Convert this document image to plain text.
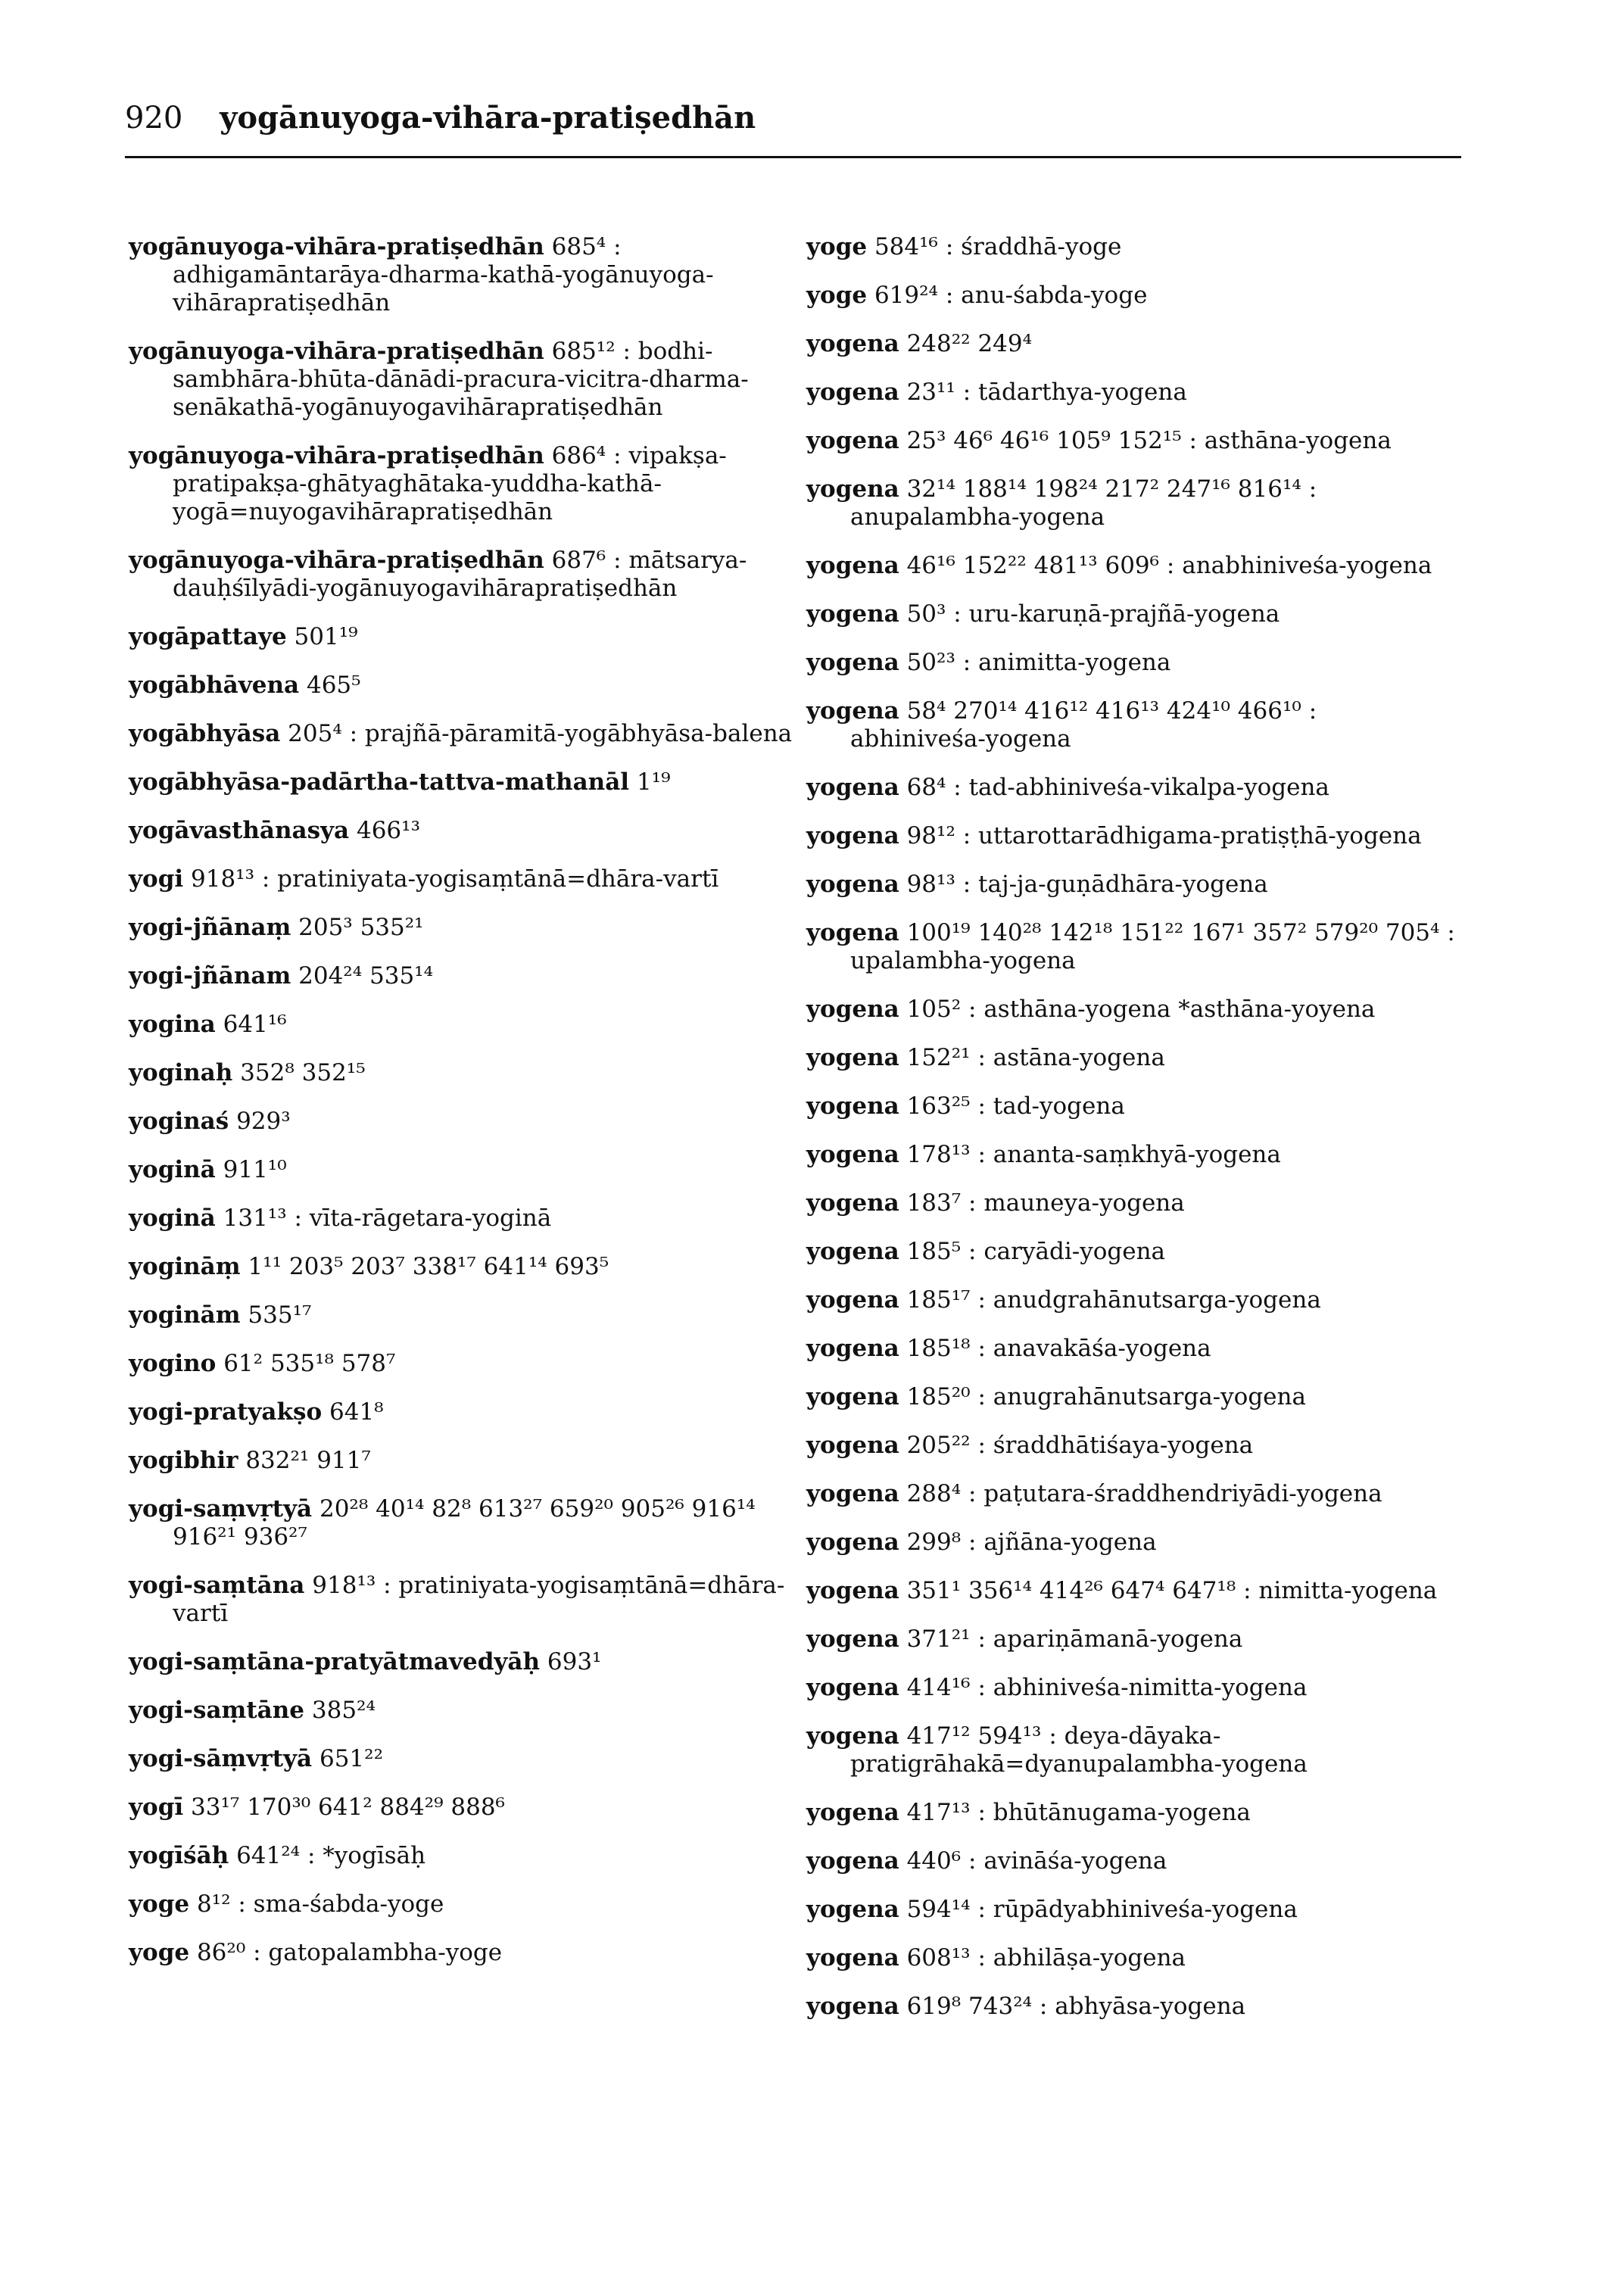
920 yogānuyoga-vihāra-pratiṣedhān
yogānuyoga-vihāra-pratiṣedhān 685⁴ : adhigamāntarāya-dharma-kathā-yogānuyoga-vihārapratiṣedhān
yogānuyoga-vihāra-pratiṣedhān 685¹² : bodhi-sambhāra-bhūta-dānādi-pracura-vicitra-dharma-senākathā-yogānuyogavihārapratiṣedhān
yogānuyoga-vihāra-pratiṣedhān 686⁴ : vipakṣa-pratipakṣa-ghātyaghātaka-yuddha-kathā-yogā=nuyogavihārapratiṣedhān
yogānuyoga-vihāra-pratiṣedhān 687⁶ : mātsarya-dauḥśīlyādi-yogānuyogavihārapratiṣedhān
yogāpattaye 501¹⁹
yogābhāvena 465⁵
yogābhyāsa 205⁴ : prajñā-pāramitā-yogābhyāsa-balena
yogābhyāsa-padārtha-tattva-mathanāl 1¹⁹
yogāvasthānasya 466¹³
yogi 918¹³ : pratiniyata-yogisaṃtānā=dhāra-vartī
yogi-jñānaṃ 205³ 535²¹
yogi-jñānam 204²⁴ 535¹⁴
yogina 641¹⁶
yoginaḥ 352⁸ 352¹⁵
yoginaś 929³
yoginā 911¹⁰
yoginā 131¹³ : vīta-rāgetara-yoginā
yogināṃ 1¹¹ 203⁵ 203⁷ 338¹⁷ 641¹⁴ 693⁵
yoginām 535¹⁷
yogino 61² 535¹⁸ 578⁷
yogi-pratyakṣo 641⁸
yogibhir 832²¹ 911⁷
yogi-saṃvṛtyā 20²⁸ 40¹⁴ 82⁸ 613²⁷ 659²⁰ 905²⁶ 916¹⁴ 916²¹ 936²⁷
yogi-saṃtāna 918¹³ : pratiniyata-yogisaṃtānā=dhāra-vartī
yogi-saṃtāna-pratyātmavedyāḥ 693¹
yogi-saṃtāne 385²⁴
yogi-sāṃvṛtyā 651²²
yogī 33¹⁷ 170³⁰ 641² 884²⁹ 888⁶
yogīśāḥ 641²⁴ : *yogīsāḥ
yoge 8¹² : sma-śabda-yoge
yoge 86²⁰ : gatopalambha-yoge
yoge 584¹⁶ : śraddhā-yoge
yoge 619²⁴ : anu-śabda-yoge
yogena 248²² 249⁴
yogena 23¹¹ : tādarthya-yogena
yogena 25³ 46⁶ 46¹⁶ 105⁹ 152¹⁵ : asthāna-yogena
yogena 32¹⁴ 188¹⁴ 198²⁴ 217² 247¹⁶ 816¹⁴ : anupalambha-yogena
yogena 46¹⁶ 152²² 481¹³ 609⁶ : anabhiniveśa-yogena
yogena 50³ : uru-karuṇā-prajñā-yogena
yogena 50²³ : animitta-yogena
yogena 58⁴ 270¹⁴ 416¹² 416¹³ 424¹⁰ 466¹⁰ : abhiniveśa-yogena
yogena 68⁴ : tad-abhiniveśa-vikalpa-yogena
yogena 98¹² : uttarottarādhigama-pratiṣṭhā-yogena
yogena 98¹³ : taj-ja-guṇādhāra-yogena
yogena 100¹⁹ 140²⁸ 142¹⁸ 151²² 167¹ 357² 579²⁰ 705⁴ : upalambha-yogena
yogena 105² : asthāna-yogena *asthāna-yoyena
yogena 152²¹ : astāna-yogena
yogena 163²⁵ : tad-yogena
yogena 178¹³ : ananta-saṃkhyā-yogena
yogena 183⁷ : mauneya-yogena
yogena 185⁵ : caryādi-yogena
yogena 185¹⁷ : anudgrahānutsarga-yogena
yogena 185¹⁸ : anavakāśa-yogena
yogena 185²⁰ : anugrahānutsarga-yogena
yogena 205²² : śraddhātiśaya-yogena
yogena 288⁴ : paṭutara-śraddhendriyādi-yogena
yogena 299⁸ : ajñāna-yogena
yogena 351¹ 356¹⁴ 414²⁶ 647⁴ 647¹⁸ : nimitta-yogena
yogena 371²¹ : apariṇāmanā-yogena
yogena 414¹⁶ : abhiniveśa-nimitta-yogena
yogena 417¹² 594¹³ : deya-dāyaka-pratigrāhakā=dyanupalambha-yogena
yogena 417¹³ : bhūtānugama-yogena
yogena 440⁶ : avināśa-yogena
yogena 594¹⁴ : rūpādyabhiniveśa-yogena
yogena 608¹³ : abhilāṣa-yogena
yogena 619⁸ 743²⁴ : abhyāsa-yogena
